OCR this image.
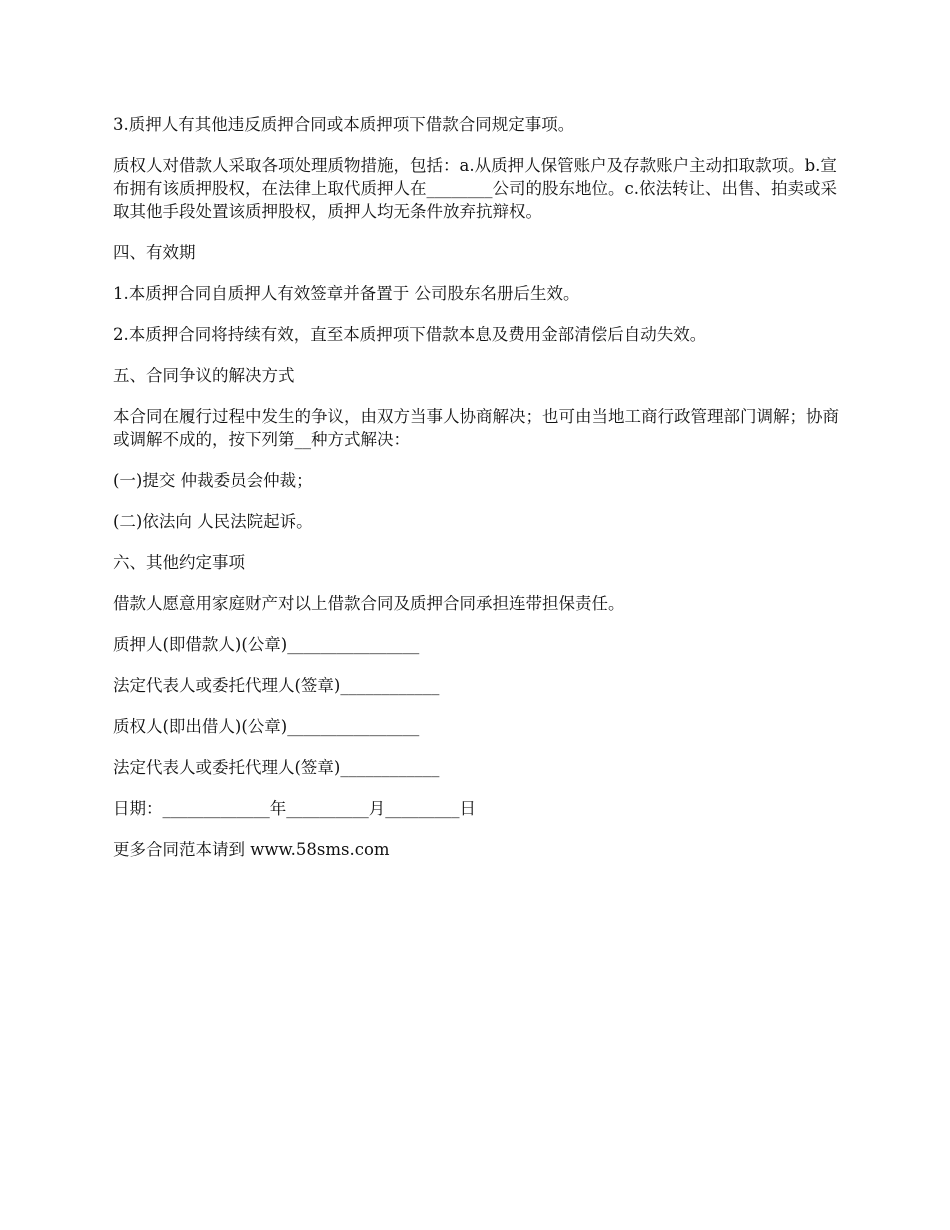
3.质押人有其他违反质押合同或本质押项下借款合同规定事项。

质权人对借款人采取各项处理质物措施，包括：a.从质押人保管账户及存款账户主动扣取款项。b.宣布拥有该质押股权，在法律上取代质押人在________公司的股东地位。c.依法转让、出售、拍卖或采取其他手段处置该质押股权，质押人均无条件放弃抗辩权。

四、有效期

1.本质押合同自质押人有效签章并备置于 公司股东名册后生效。

2.本质押合同将持续有效，直至本质押项下借款本息及费用金部清偿后自动失效。

五、合同争议的解决方式

本合同在履行过程中发生的争议，由双方当事人协商解决；也可由当地工商行政管理部门调解；协商或调解不成的，按下列第__种方式解决：

(一)提交 仲裁委员会仲裁；

(二)依法向 人民法院起诉。

六、其他约定事项

借款人愿意用家庭财产对以上借款合同及质押合同承担连带担保责任。

质押人(即借款人)(公章)________________

法定代表人或委托代理人(签章)____________

质权人(即出借人)(公章)________________

法定代表人或委托代理人(签章)____________

日期：_____________年__________月_________日

更多合同范本请到 www.58sms.com
